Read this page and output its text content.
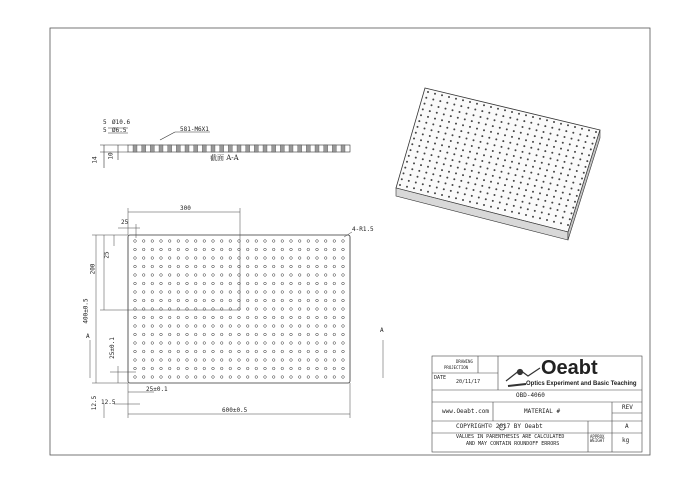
5 Ø10.6
5 Ø6.5	581-M6X1
14
10	截面 A-A
4-R1.5
25
300
25
200
400±0.5
25±0.1
25±0.1
12.5 12.5
600±0.5
A
A
DRAWING
PROJECTION
DATE
20/11/17
Oeabt
Optics Experiment and Basic Teaching
OBD-4060
www.Oeabt.com	MATERIAL #
REV
A
COPYRIGHT© 2017 BY Oeabt
VALUES IN PARENTHESIS ARE CALCULATED
AND MAY CONTAIN ROUNDOFF ERRORS
APPROX WEIGHT	kg
